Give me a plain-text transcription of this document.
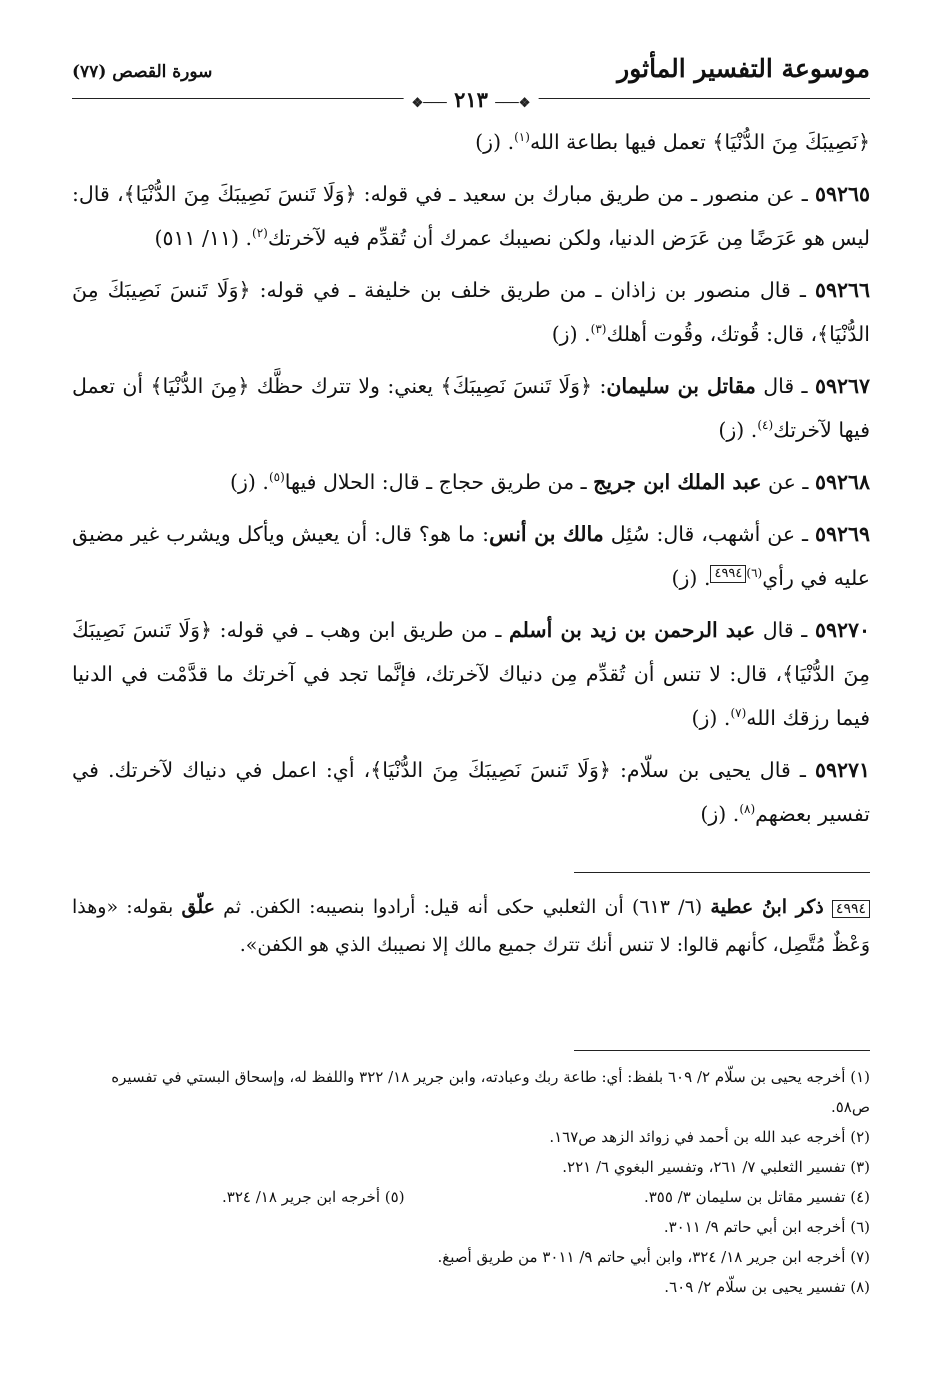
موسوعة التفسير المأثور
سورة القصص (٧٧)
❖─── ٢١٣ ───❖

﴿نَصِيبَكَ مِنَ الدُّنْيَا﴾ تعمل فيها بطاعة الله$^{(١)}$. (ز)

٥٩٢٦٥ ـ عن منصور ـ من طريق مبارك بن سعيد ـ في قوله: ﴿وَلَا تَنسَ نَصِيبَكَ مِنَ الدُّنْيَا﴾، قال: ليس هو عَرَضًا مِن عَرَض الدنيا، ولكن نصيبك عمرك أن تُقدِّم فيه لآخرتك$^{(٢)}$. (١١/ ٥١١)

٥٩٢٦٦ ـ قال منصور بن زاذان ـ من طريق خلف بن خليفة ـ في قوله: ﴿وَلَا تَنسَ نَصِيبَكَ مِنَ الدُّنْيَا﴾، قال: قُوتك، وقُوت أهلك$^{(٣)}$. (ز)

٥٩٢٦٧ ـ قال مقاتل بن سليمان: ﴿وَلَا تَنسَ نَصِيبَكَ﴾ يعني: ولا تترك حظَّك ﴿مِنَ الدُّنْيَا﴾ أن تعمل فيها لآخرتك$^{(٤)}$. (ز)

٥٩٢٦٨ ـ عن عبد الملك ابن جريج ـ من طريق حجاج ـ قال: الحلال فيها$^{(٥)}$. (ز)

٥٩٢٦٩ ـ عن أشهب، قال: سُئِل مالك بن أنس: ما هو؟ قال: أن يعيش ويأكل ويشرب غير مضيق عليه في رأي$^{(٦)}$٤٩٩٤. (ز)

٥٩٢٧٠ ـ قال عبد الرحمن بن زيد بن أسلم ـ من طريق ابن وهب ـ في قوله: ﴿وَلَا تَنسَ نَصِيبَكَ مِنَ الدُّنْيَا﴾، قال: لا تنس أن تُقدِّم مِن دنياك لآخرتك، فإنَّما تجد في آخرتك ما قدَّمْت في الدنيا فيما رزقك الله$^{(٧)}$. (ز)

٥٩٢٧١ ـ قال يحيى بن سلّام: ﴿وَلَا تَنسَ نَصِيبَكَ مِنَ الدُّنْيَا﴾، أي: اعمل في دنياك لآخرتك. في تفسير بعضهم$^{(٨)}$. (ز)

٤٩٩٤ ذكر ابنُ عطية (٦/ ٦١٣) أن الثعلبي حكى أنه قيل: أرادوا بنصيبه: الكفن. ثم علّق بقوله: «وهذا وَعْظٌ مُتَّصِل، كأنهم قالوا: لا تنس أنك تترك جميع مالك إلا نصيبك الذي هو الكفن».

(١) أخرجه يحيى بن سلّام ٢/ ٦٠٩ بلفظ: أي: طاعة ربك وعبادته، وابن جرير ١٨/ ٣٢٢ واللفظ له، وإسحاق البستي في تفسيره ص٥٨.

(٢) أخرجه عبد الله بن أحمد في زوائد الزهد ص١٦٧.

(٣) تفسير الثعلبي ٧/ ٢٦١، وتفسير البغوي ٦/ ٢٢١.

(٤) تفسير مقاتل بن سليمان ٣/ ٣٥٥.
(٥) أخرجه ابن جرير ١٨/ ٣٢٤.

(٦) أخرجه ابن أبي حاتم ٩/ ٣٠١١.

(٧) أخرجه ابن جرير ١٨/ ٣٢٤، وابن أبي حاتم ٩/ ٣٠١١ من طريق أصبغ.

(٨) تفسير يحيى بن سلّام ٢/ ٦٠٩.
